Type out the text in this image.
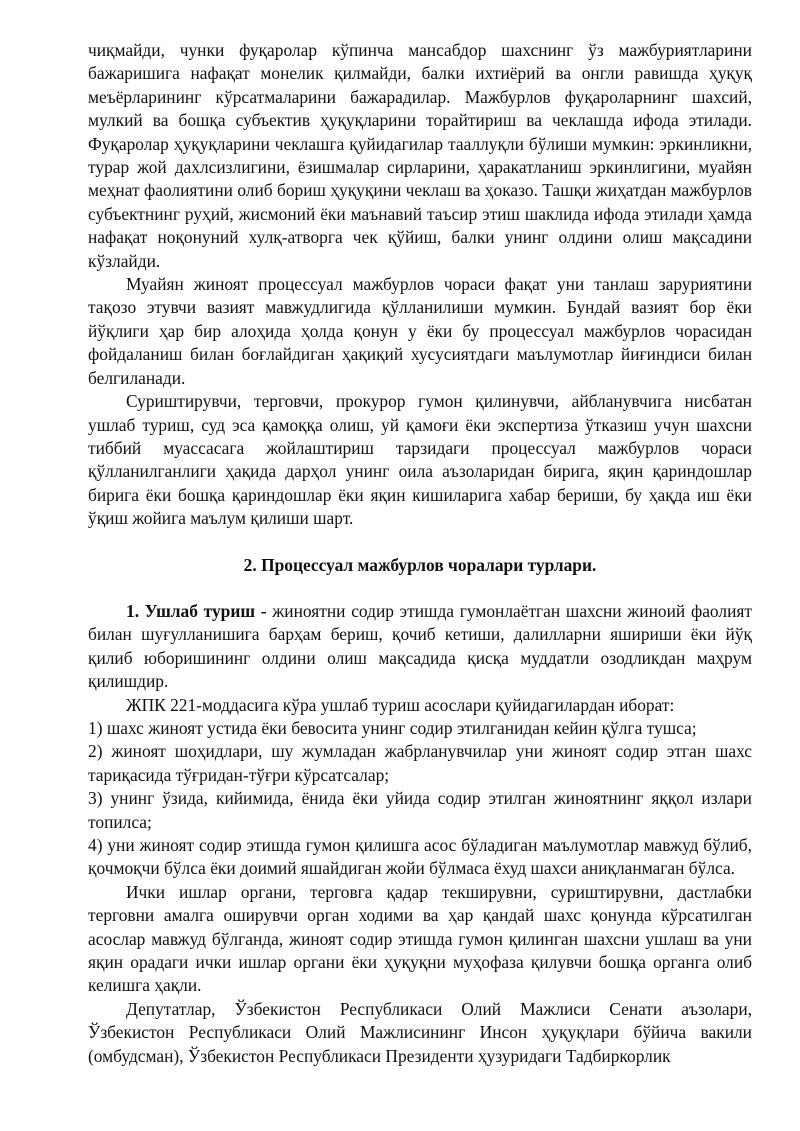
чиқмайди, чунки фуқаролар кўпинча мансабдор шахснинг ўз мажбуриятларини бажаришига нафақат монелик қилмайди, балки ихтиёрий ва онгли равишда ҳуқуқ меъёрларининг кўрсатмаларини бажарадилар. Мажбурлов фуқароларнинг шахсий, мулкий ва бошқа субъектив ҳуқуқларини торайтириш ва чеклашда ифода этилади. Фуқаролар ҳуқуқларини чеклашга қуйидагилар тааллуқли бўлиши мумкин: эркинликни, турар жой дахлсизлигини, ёзишмалар сирларини, ҳаракатланиш эркинлигини, муайян меҳнат фаолиятини олиб бориш ҳуқуқини чеклаш ва ҳоказо. Ташқи жиҳатдан мажбурлов субъектнинг руҳий, жисмоний ёки маънавий таъсир этиш шаклида ифода этилади ҳамда нафақат ноқонуний хулқ-атворга чек қўйиш, балки унинг олдини олиш мақсадини кўзлайди.

Муайян жиноят процессуал мажбурлов чораси фақат уни танлаш заруриятини тақозо этувчи вазият мавжудлигида қўлланилиши мумкин. Бундай вазият бор ёки йўқлиги ҳар бир алоҳида ҳолда қонун у ёки бу процессуал мажбурлов чорасидан фойдаланиш билан боғлайдиган ҳақиқий хусусиятдаги маълумотлар йиғиндиси билан белгиланади.

Суриштирувчи, терговчи, прокурор гумон қилинувчи, айбланувчига нисбатан ушлаб туриш, суд эса қамоққа олиш, уй қамоғи ёки экспертиза ўтказиш учун шахсни тиббий муассасага жойлаштириш тарзидаги процессуал мажбурлов чораси қўлланилганлиги ҳақида дарҳол унинг оила аъзоларидан бирига, яқин қариндошлар бирига ёки бошқа қариндошлар ёки яқин кишиларига хабар бериши, бу ҳақда иш ёки ўқиш жойига маълум қилиши шарт.

2. Процессуал мажбурлов чоралари турлари.

1. Ушлаб туриш - жиноятни содир этишда гумонлаётган шахсни жиноий фаолият билан шуғулланишига барҳам бериш, қочиб кетиши, далилларни яшириши ёки йўқ қилиб юборишининг олдини олиш мақсадида қисқа муддатли озодликдан маҳрум қилишдир.

ЖПК 221-моддасига кўра ушлаб туриш асослари қуйидагилардан иборат:

1) шахс жиноят устида ёки бевосита унинг содир этилганидан кейин қўлга тушса;

2) жиноят шоҳидлари, шу жумладан жабрланувчилар уни жиноят содир этган шахс тариқасида тўғридан-тўғри кўрсатсалар;

3) унинг ўзида, кийимида, ёнида ёки уйида содир этилган жиноятнинг яққол излари топилса;

4) уни жиноят содир этишда гумон қилишга асос бўладиган маълумотлар мавжуд бўлиб, қочмоқчи бўлса ёки доимий яшайдиган жойи бўлмаса ёхуд шахси аниқланмаган бўлса.

Ички ишлар органи, терговга қадар текширувни, суриштирувни, дастлабки терговни амалга оширувчи орган ходими ва ҳар қандай шахс қонунда кўрсатилган асослар мавжуд бўлганда, жиноят содир этишда гумон қилинган шахсни ушлаш ва уни яқин орадаги ички ишлар органи ёки ҳуқуқни муҳофаза қилувчи бошқа органга олиб келишга ҳақли.

Депутатлар, Ўзбекистон Республикаси Олий Мажлиси Сенати аъзолари, Ўзбекистон Республикаси Олий Мажлисининг Инсон ҳуқуқлари бўйича вакили (омбудсман), Ўзбекистон Республикаси Президенти ҳузуридаги Тадбиркорлик
